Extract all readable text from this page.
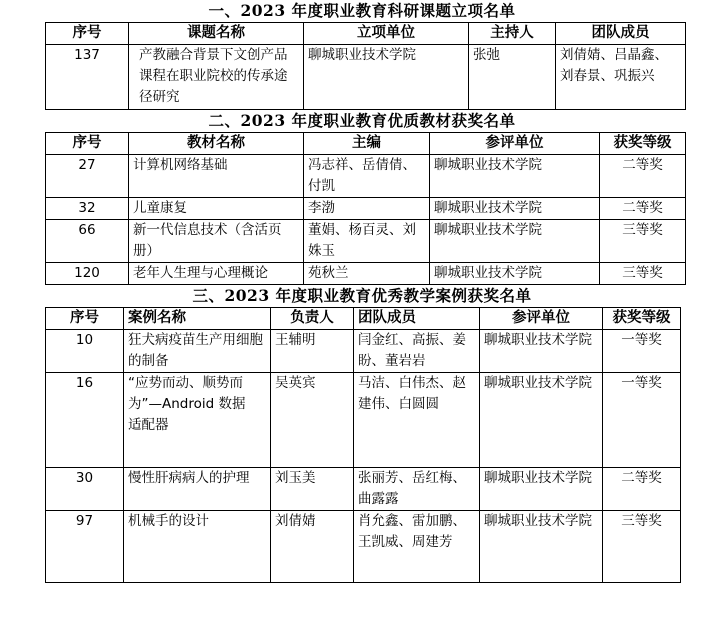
一、2023 年度职业教育科研课题立项名单
序号	课题名称	立项单位	主持人	团队成员
137	产教融合背景下文创产品课程在职业院校的传承途径研究	聊城职业技术学院	张弛	刘倩婧、吕晶鑫、刘春景、巩振兴
二、2023 年度职业教育优质教材获奖名单
序号	教材名称	主编	参评单位	获奖等级
27	计算机网络基础	冯志祥、岳倩倩、付凯	聊城职业技术学院	二等奖
32	儿童康复	李渤	聊城职业技术学院	二等奖
66	新一代信息技术（含活页册）	董娟、杨百灵、刘姝玉	聊城职业技术学院	三等奖
120	老年人生理与心理概论	苑秋兰	聊城职业技术学院	三等奖
三、2023 年度职业教育优秀教学案例获奖名单
序号	案例名称	负责人	团队成员	参评单位	获奖等级
10	狂犬病疫苗生产用细胞的制备	王辅明	闫金红、高振、姜盼、董岩岩	聊城职业技术学院	一等奖
16	“应势而动、顺势而为”—Android 数据
适配器	吴英宾	马洁、白伟杰、赵建伟、白圆圆	聊城职业技术学院	一等奖
30	慢性肝病病人的护理	刘玉美	张丽芳、岳红梅、曲露露	聊城职业技术学院	二等奖
97	机械手的设计	刘倩婧	肖允鑫、雷加鹏、王凯威、周建芳	聊城职业技术学院	三等奖
